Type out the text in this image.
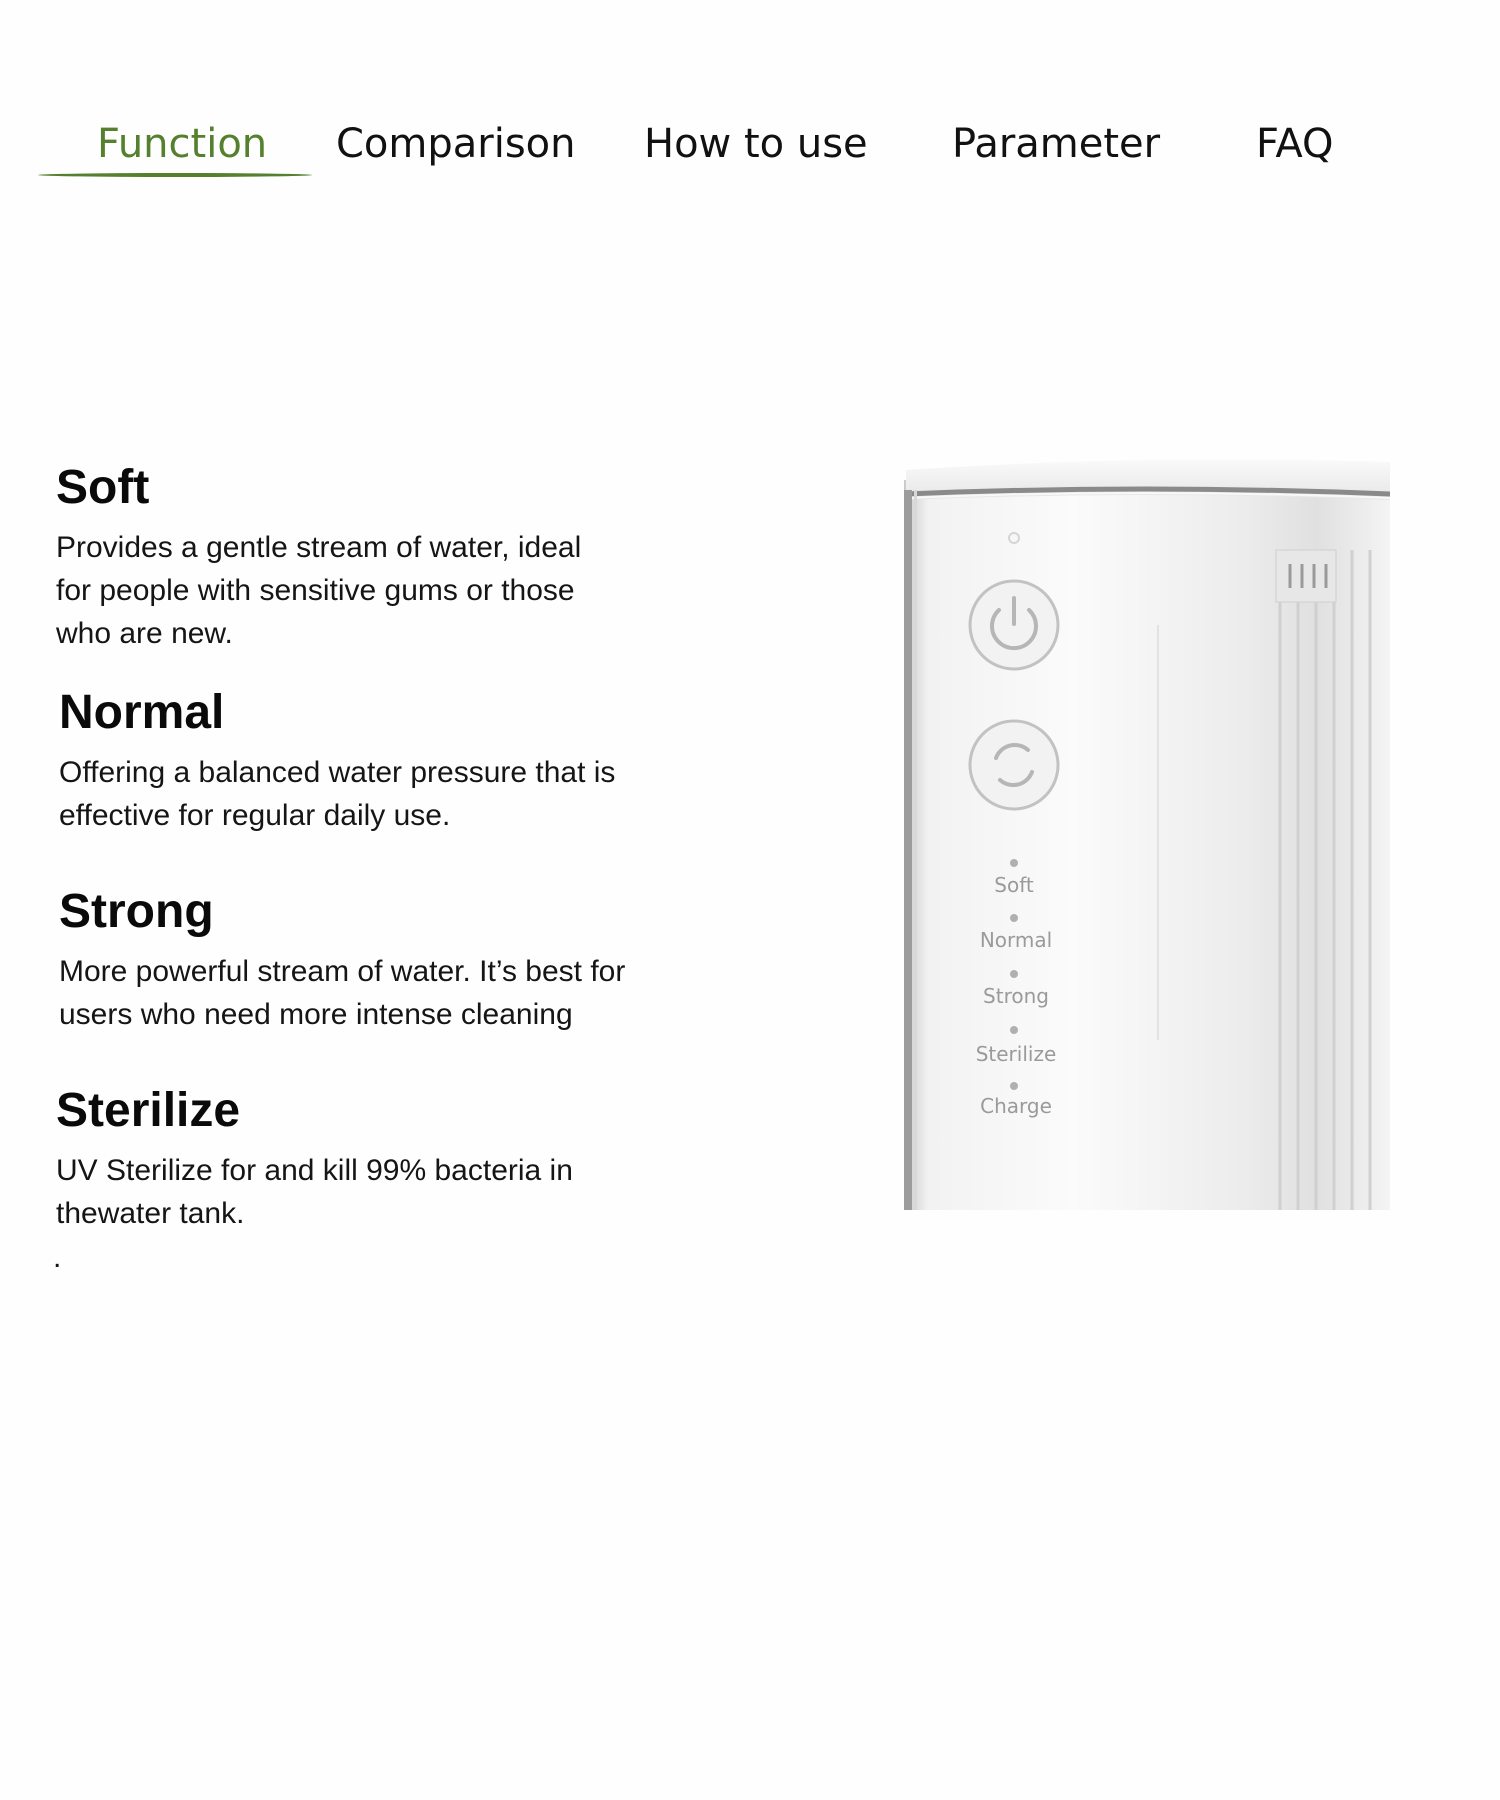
Function Comparison How to use Parameter FAQ
Soft

Provides a gentle stream of water, ideal for people with sensitive gums or those who are new.

Normal

Offering a balanced water pressure that is effective for regular daily use.

Strong

More powerful stream of water. It’s best for users who need more intense cleaning

Sterilize

UV Sterilize for and kill 99% bacteria in thewater tank.

.
Soft
Normal
Strong
Sterilize
Charge
